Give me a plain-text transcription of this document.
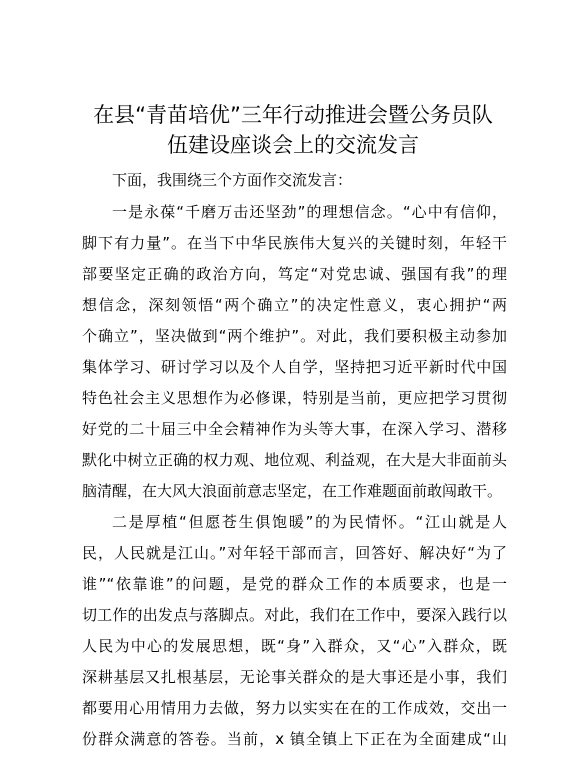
在县“青苗培优”三年行动推进会暨公务员队
伍建设座谈会上的交流发言
下面，我围绕三个方面作交流发言：
一是永葆“千磨万击还坚劲”的理想信念。“心中有信仰，
脚下有力量”。在当下中华民族伟大复兴的关键时刻，年轻干
部要坚定正确的政治方向，笃定“对党忠诚、强国有我”的理
想信念，深刻领悟“两个确立”的决定性意义，衷心拥护“两
个确立”，坚决做到“两个维护”。对此，我们要积极主动参加
集体学习、研讨学习以及个人自学，坚持把习近平新时代中国
特色社会主义思想作为必修课，特别是当前，更应把学习贯彻
好党的二十届三中全会精神作为头等大事，在深入学习、潜移
默化中树立正确的权力观、地位观、利益观，在大是大非面前头
脑清醒，在大风大浪面前意志坚定，在工作难题面前敢闯敢干。
二是厚植“但愿苍生俱饱暖”的为民情怀。“江山就是人
民，人民就是江山。”对年轻干部而言，回答好、解决好“为了
谁”“依靠谁”的问题，是党的群众工作的本质要求，也是一
切工作的出发点与落脚点。对此，我们在工作中，要深入践行以
人民为中心的发展思想，既“身”入群众，又“心”入群众，既
深耕基层又扎根基层，无论事关群众的是大事还是小事，我们
都要用心用情用力去做，努力以实实在在的工作成效，交出一
份群众满意的答卷。当前，x 镇全镇上下正在为全面建成“山
